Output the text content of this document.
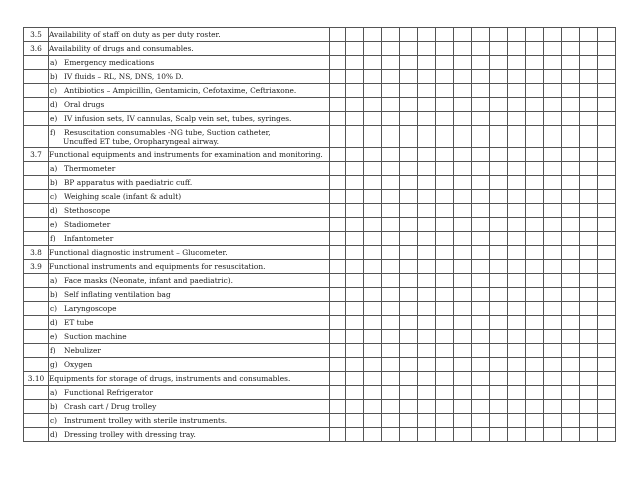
3.5	Availability of staff on duty as per duty roster.																
3.6	Availability of drugs and consumables.																
	a) Emergency medications																
	b) IV fluids – RL, NS, DNS, 10% D.																
	c) Antibiotics – Ampicillin, Gentamicin, Cefotaxime, Ceftriaxone.																
	d) Oral drugs																
	e) IV infusion sets, IV cannulas, Scalp vein set, tubes, syringes.																
	f) Resuscitation consumables -NG tube, Suction catheter,
Uncuffed ET tube, Oropharyngeal airway.																

3.7	Functional equipments and instruments for examination and monitoring.																
	a) Thermometer																
	b) BP apparatus with paediatric cuff.																
	c) Weighing scale (infant & adult)																
	d) Stethoscope																
	e) Stadiometer																
	f) Infantometer																
3.8	Functional diagnostic instrument – Glucometer.																
3.9	Functional instruments and equipments for resuscitation.																
	a) Face masks (Neonate, infant and paediatric).																
	b) Self inflating ventilation bag																
	c) Laryngoscope																
	d) ET tube																
	e) Suction machine																
	f) Nebulizer																
	g) Oxygen																
3.10	Equipments for storage of drugs, instruments and consumables.																
	a) Functional Refrigerator																
	b) Crash cart / Drug trolley																
	c) Instrument trolley with sterile instruments.																
	d) Dressing trolley with dressing tray.																
